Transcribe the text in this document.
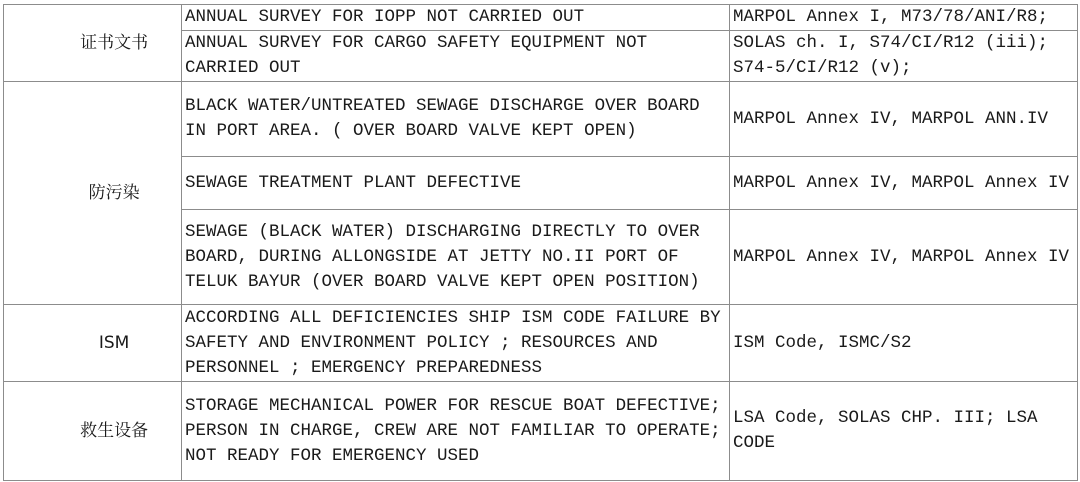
证书文书	ANNUAL SURVEY FOR IOPP NOT CARRIED OUT	MARPOL Annex I, M73/78/ANI/R8;
	ANNUAL SURVEY FOR CARGO SAFETY EQUIPMENT NOT
CARRIED OUT	SOLAS ch. I, S74/CI/R12 (iii);
S74-5/CI/R12 (v);

防污染	BLACK WATER/UNTREATED SEWAGE DISCHARGE OVER BOARD
IN PORT AREA. ( OVER BOARD VALVE KEPT OPEN)	MARPOL Annex IV, MARPOL ANN.IV
	SEWAGE TREATMENT PLANT DEFECTIVE	MARPOL Annex IV, MARPOL Annex IV
	SEWAGE (BLACK WATER) DISCHARGING DIRECTLY TO OVER
BOARD, DURING ALLONGSIDE AT JETTY NO.II PORT OF
TELUK BAYUR (OVER BOARD VALVE KEPT OPEN POSITION)	MARPOL Annex IV, MARPOL Annex IV

ISM	ACCORDING ALL DEFICIENCIES SHIP ISM CODE FAILURE BY
SAFETY AND ENVIRONMENT POLICY ; RESOURCES AND
PERSONNEL ; EMERGENCY PREPAREDNESS	ISM Code, ISMC/S2

救生设备	STORAGE MECHANICAL POWER FOR RESCUE BOAT DEFECTIVE;
PERSON IN CHARGE, CREW ARE NOT FAMILIAR TO OPERATE;
NOT READY FOR EMERGENCY USED	LSA Code, SOLAS CHP. III; LSA
CODE
